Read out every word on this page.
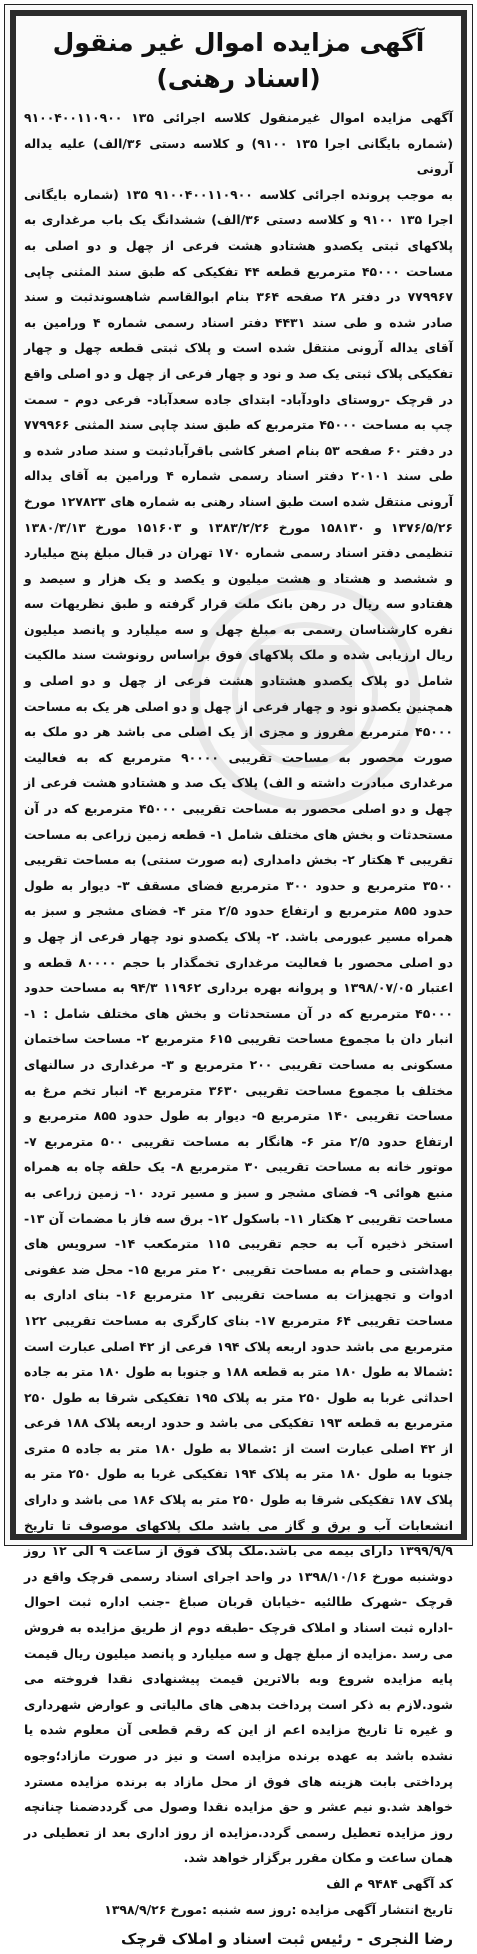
آگهی مزایده اموال غیر منقول (اسناد رهنی)

آگهی مزایده اموال غیرمنقول کلاسه اجرائی ۱۳۵ ۹۱۰۰۴۰۰۱۱۰۹۰۰ (شماره بایگانی اجرا ۱۳۵ ۹۱۰۰) و کلاسه دستی ۳۶/الف) علیه یداله آرونی

به موجب پرونده اجرائی کلاسه ۹۱۰۰۴۰۰۱۱۰۹۰۰ ۱۳۵ (شماره بایگانی اجرا ۱۳۵ ۹۱۰۰ و کلاسه دستی ۳۶/الف) ششدانگ یک باب مرغداری به پلاکهای ثبتی یکصدو هشتادو هشت فرعی از چهل و دو اصلی به مساحت ۴۵۰۰۰ مترمربع قطعه ۴۴ تفکیکی که طبق سند المثنی چاپی ۷۷۹۹۶۷ در دفتر ۲۸ صفحه ۳۶۴ بنام ابوالقاسم شاهسوندثبت و سند صادر شده و طی سند ۴۴۳۱ دفتر اسناد رسمی شماره ۴ ورامین به آقای یداله آرونی منتقل شده است و پلاک ثبتی قطعه چهل و چهار تفکیکی پلاک ثبتی یک صد و نود و چهار فرعی از چهل و دو اصلی واقع در قرچک -روستای داودآباد- ابتدای جاده سعدآباد- فرعی دوم - سمت چپ به مساحت ۴۵۰۰۰ مترمربع که طبق سند چاپی سند المثنی ۷۷۹۹۶۶ در دفتر ۶۰ صفحه ۵۳ بنام اصغر کاشی باقرآبادثبت و سند صادر شده و طی سند ۲۰۱۰۱ دفتر اسناد رسمی شماره ۴ ورامین به آقای یداله آرونی منتقل شده است طبق اسناد رهنی به شماره های ۱۲۷۸۲۳ مورخ ۱۳۷۶/۵/۲۶ و ۱۵۸۱۳۰ مورخ ۱۳۸۳/۲/۲۶ و ۱۵۱۶۰۳ مورخ ۱۳۸۰/۳/۱۳ تنظیمی دفتر اسناد رسمی شماره ۱۷۰ تهران در قبال مبلغ پنج میلیارد و ششصد و هشتاد و هشت میلیون و یکصد و یک هزار و سیصد و هفتادو سه ریال در رهن بانک ملت قرار گرفته و طبق نظریهات سه نفره کارشناسان رسمی به مبلغ چهل و سه میلیارد و پانصد میلیون ریال ارزیابی شده و ملک پلاکهای فوق براساس رونوشت سند مالکیت شامل دو پلاک یکصدو هشتادو هشت فرعی از چهل و دو اصلی و همچنین یکصدو نود و چهار فرعی از چهل و دو اصلی هر یک به مساحت ۴۵۰۰۰ مترمربع مفروز و مجزی از یک اصلی می باشد هر دو ملک به صورت محصور به مساحت تقریبی ۹۰۰۰۰ مترمربع که به فعالیت مرغداری مبادرت داشته و الف) پلاک یک صد و هشتادو هشت فرعی از چهل و دو اصلی محصور به مساحت تقریبی ۴۵۰۰۰ مترمربع که در آن مستحدثات و بخش های مختلف شامل ۱- قطعه زمین زراعی به مساحت تقریبی ۴ هکتار ۲- بخش دامداری (به صورت سنتی) به مساحت تقریبی ۳۵۰۰ مترمربع و حدود ۳۰۰ مترمربع فضای مسقف ۳- دیوار به طول حدود ۸۵۵ مترمربع و ارتفاع حدود ۲/۵ متر ۴- فضای مشجر و سبز به همراه مسیر عبورمی باشد. ۲- پلاک یکصدو نود چهار فرعی از چهل و دو اصلی محصور با فعالیت مرغداری تخمگذار با حجم ۸۰۰۰۰ قطعه و اعتبار ۱۳۹۸/۰۷/۰۵ و پروانه بهره برداری ۱۱۹۶۲ ۹۴/۳ به مساحت حدود ۴۵۰۰۰ مترمربع که در آن مستحدثات و بخش های مختلف شامل : ۱- انبار دان با مجموع مساحت تقریبی ۶۱۵ مترمربع ۲- مساحت ساختمان مسکونی به مساحت تقریبی ۲۰۰ مترمربع و ۳- مرغداری در سالنهای مختلف با مجموع مساحت تقریبی ۳۶۳۰ مترمربع ۴- انبار تخم مرغ به مساحت تقریبی ۱۴۰ مترمربع ۵- دیوار به طول حدود ۸۵۵ مترمربع و ارتفاع حدود ۲/۵ متر ۶- هانگار به مساحت تقریبی ۵۰۰ مترمربع ۷- موتور خانه به مساحت تقریبی ۳۰ مترمربع ۸- یک حلقه چاه به همراه منبع هوائی ۹- فضای مشجر و سبز و مسیر تردد ۱۰- زمین زراعی به مساحت تقریبی ۲ هکتار ۱۱- باسکول ۱۲- برق سه فاز با مضمات آن ۱۳- استخر ذخیره آب به حجم تقریبی ۱۱۵ مترمکعب ۱۴- سرویس های بهداشتی و حمام به مساحت تقریبی ۲۰ متر مربع ۱۵- محل ضد عفونی ادوات و تجهیزات به مساحت تقریبی ۱۲ مترمربع ۱۶- بنای اداری به مساحت تقریبی ۶۴ مترمربع ۱۷- بنای کارگری به مساحت تقریبی ۱۲۲ مترمربع می باشد حدود اربعه پلاک ۱۹۴ فرعی از ۴۲ اصلی عبارت است :شمالا به طول ۱۸۰ متر به قطعه ۱۸۸ و جنوبا به طول ۱۸۰ متر به جاده احداثی غربا به طول ۲۵۰ متر به پلاک ۱۹۵ تفکیکی شرقا به طول ۲۵۰ مترمربع به قطعه ۱۹۳ تفکیکی می باشد و حدود اربعه پلاک ۱۸۸ فرعی از ۴۲ اصلی عبارت است از :شمالا به طول ۱۸۰ متر به جاده ۵ متری جنوبا به طول ۱۸۰ متر به پلاک ۱۹۴ تفکیکی غربا به طول ۲۵۰ متر به پلاک ۱۸۷ تفکیکی شرقا به طول ۲۵۰ متر به پلاک ۱۸۶ می باشد و دارای انشعابات آب و برق و گاز می باشد ملک پلاکهای موصوف تا تاریخ ۱۳۹۹/۹/۹ دارای بیمه می باشد.ملک پلاک فوق از ساعت ۹ الی ۱۲ روز دوشنبه مورخ ۱۳۹۸/۱۰/۱۶ در واحد اجرای اسناد رسمی قرچک واقع در قرچک -شهرک طالئیه -خیابان قربان صباغ -جنب اداره ثبت احوال -اداره ثبت اسناد و املاک قرچک -طبقه دوم از طریق مزایده به فروش می رسد .مزایده از مبلغ چهل و سه میلیارد و پانصد میلیون ریال قیمت پایه مزایده شروع وبه بالاترین قیمت پیشنهادی نقدا فروخته می شود.لازم به ذکر است پرداخت بدهی های مالیاتی و عوارض شهرداری و غیره تا تاریخ مزایده اعم از این که رقم قطعی آن معلوم شده یا نشده باشد به عهده برنده مزایده است و نیز در صورت مازاد؛وجوه پرداختی بابت هزینه های فوق از محل مازاد به برنده مزایده مسترد خواهد شد.و نیم عشر و حق مزایده نقدا وصول می گرددضمنا چنانچه روز مزایده تعطیل رسمی گردد.مزایده از روز اداری بعد از تعطیلی در همان ساعت و مکان مقرر برگزار خواهد شد.

کد آگهی ۹۴۸۴ م الف

تاریخ انتشار آگهی مزایده :روز سه شنبه :مورخ ۱۳۹۸/۹/۲۶

رضا النجری - رئیس ثبت اسناد و املاک قرچک
